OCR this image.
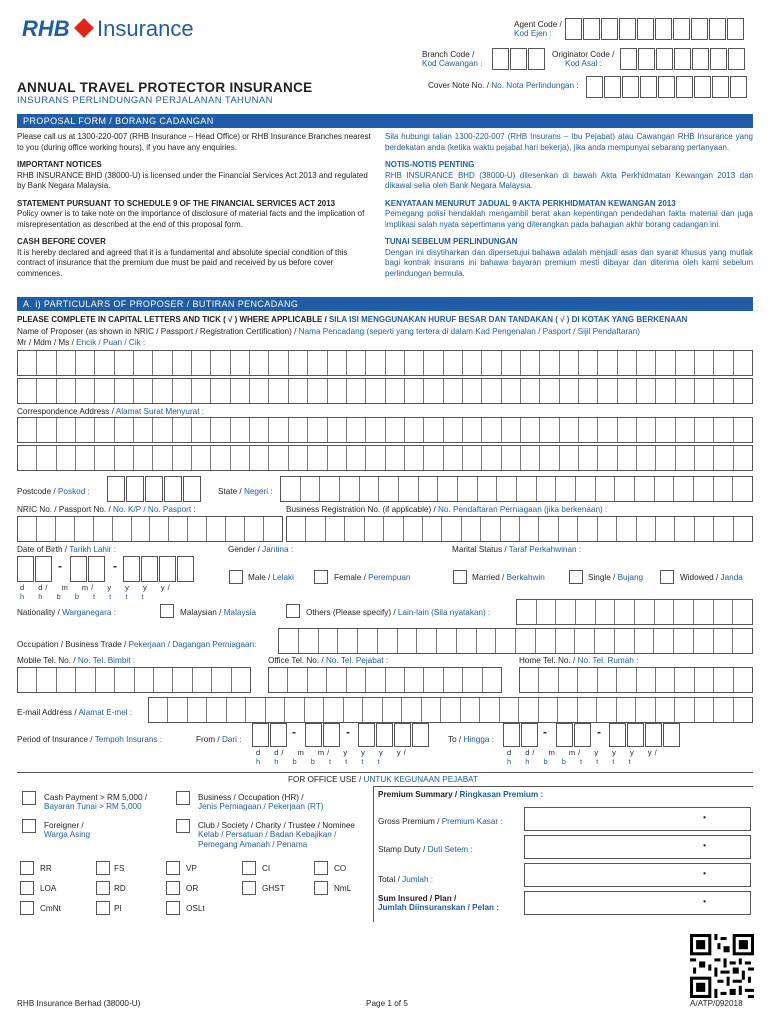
RHB Insurance	Agent Code /
Kod Ejen :
Branch Code /
Kod Cawangan :
Originator Code /
Kod Asal :
Cover Note No. / No. Nota Perlindungan :
ANNUAL TRAVEL PROTECTOR INSURANCE
INSURANS PERLINDUNGAN PERJALANAN TAHUNAN
PROPOSAL FORM / BORANG CADANGAN

Please call us at 1300-220-007 (RHB Insurance – Head Office) or RHB Insurance Branches nearest to you (during office working hours), if you have any enquiries.

IMPORTANT NOTICES
RHB INSURANCE BHD (38000-U) is licensed under the Financial Services Act 2013 and regulated by Bank Negara Malaysia.

STATEMENT PURSUANT TO SCHEDULE 9 OF THE FINANCIAL SERVICES ACT 2013
Policy owner is to take note on the importance of disclosure of material facts and the implication of misrepresentation as described at the end of this proposal form.

CASH BEFORE COVER
It is hereby declared and agreed that it is a fundamental and absolute special condition of this contract of insurance that the premium due must be paid and received by us before cover commences.

Sila hubungi talian 1300-220-007 (RHB Insurans – Ibu Pejabat) atau Cawangan RHB Insurance yang berdekatan anda (ketika waktu pejabat hari bekerja), jika anda mempunyai sebarang pertanyaan.

NOTIS-NOTIS PENTING
RHB INSURANCE BHD (38000-U) dilesenkan di bawah Akta Perkhidmatan Kewangan 2013 dan dikawal selia oleh Bank Negara Malaysia.

KENYATAAN MENURUT JADUAL 9 AKTA PERKHIDMATAN KEWANGAN 2013
Pemegang polisi hendaklah mengambil berat akan kepentingan pendedahan fakta material dan juga implikasi salah nyata sepertimana yang diterangkan pada bahagian akhir borang cadangan ini.

TUNAI SEBELUM PERLINDUNGAN
Dengan ini disytiharkan dan dipersetujui bahawa adalah menjadi asas dan syarat khusus yang mutlak bagi kontrak insurans ini bahawa bayaran premium mesti dibayar dan diterima oleh kami sebelum perlindungan bermula.

A. i) PARTICULARS OF PROPOSER / BUTIRAN PENCADANG
PLEASE COMPLETE IN CAPITAL LETTERS AND TICK ( √ ) WHERE APPLICABLE / SILA ISI MENGGUNAKAN HURUF BESAR DAN TANDAKAN ( √ ) DI KOTAK YANG BERKENAAN
Name of Proposer (as shown in NRIC / Passport / Registration Certification) / Nama Pencadang (seperti yang tertera di dalam Kad Pengenalan / Pasport / Sijil Pendaftaran)
Mr / Mdm / Ms / Encik / Puan / Cik :
Correspondence Address / Alamat Surat Menyurat :
Postcode / Poskod :	State / Negeri :
NRIC No. / Passport No. / No. K/P / No. Pasport :	Business Registration No. (if applicable) / No. Pendaftaran Perniagaan (jika berkenaan) :
Date of Birth / Tarikh Lahir :	Gender / Jantina :	Marital Status / Taraf Perkahwinan :
-	-
d d/ m m/ y y y y/
h h b b t t t t
Male / Lelaki	Female / Perempuan	Married / Berkahwin	Single / Bujang	Widowed / Janda
Nationality / Warganegara :	Malaysian / Malaysia	Others (Please specify) / Lain-lain (Sila nyatakan) :
Occupation / Business Trade / Pekerjaan / Dagangan Perniagaan:
Mobile Tel. No. / No. Tel. Bimbit :	Office Tel. No. / No. Tel. Pejabat :	Home Tel. No. / No. Tel. Rumah :
E-mail Address / Alamat E-mel :
Period of Insurance / Tempoh Insurans :	From / Dari :
-	-
d d/ m m/ y y y y/
h h b b t t t t
To / Hingga :
-	-
d d/ m m/ y y y y/
h h b b t t t t
FOR OFFICE USE / UNTUK KEGUNAAN PEJABAT
Cash Payment > RM 5,000 /
Bayaran Tunai > RM 5,000
Foreigner /
Warga Asing
Business / Occupation (HR) /
Jenis Perniagaan / Pekerjaan (RT)
Club / Society / Charity / Trustee / Nominee
Kelab / Persatuan / Badan Kebajikan / Pemegang Amanah / Penama
RR	FS	VP	CI	CO
LOA	RD	OR	GHST	NmL
CmNt	PI	OSLt
Premium Summary / Ringkasan Premium :
Gross Premium / Premium Kasar :	•
Stamp Duty / Duti Setem :	•
Total / Jumlah :
•
Sum Insured / Plan /
Jumlah Diinsuranskan / Pelan :
•
RHB Insurance Berhad (38000-U)	Page 1 of 5	A/ATP/092018
